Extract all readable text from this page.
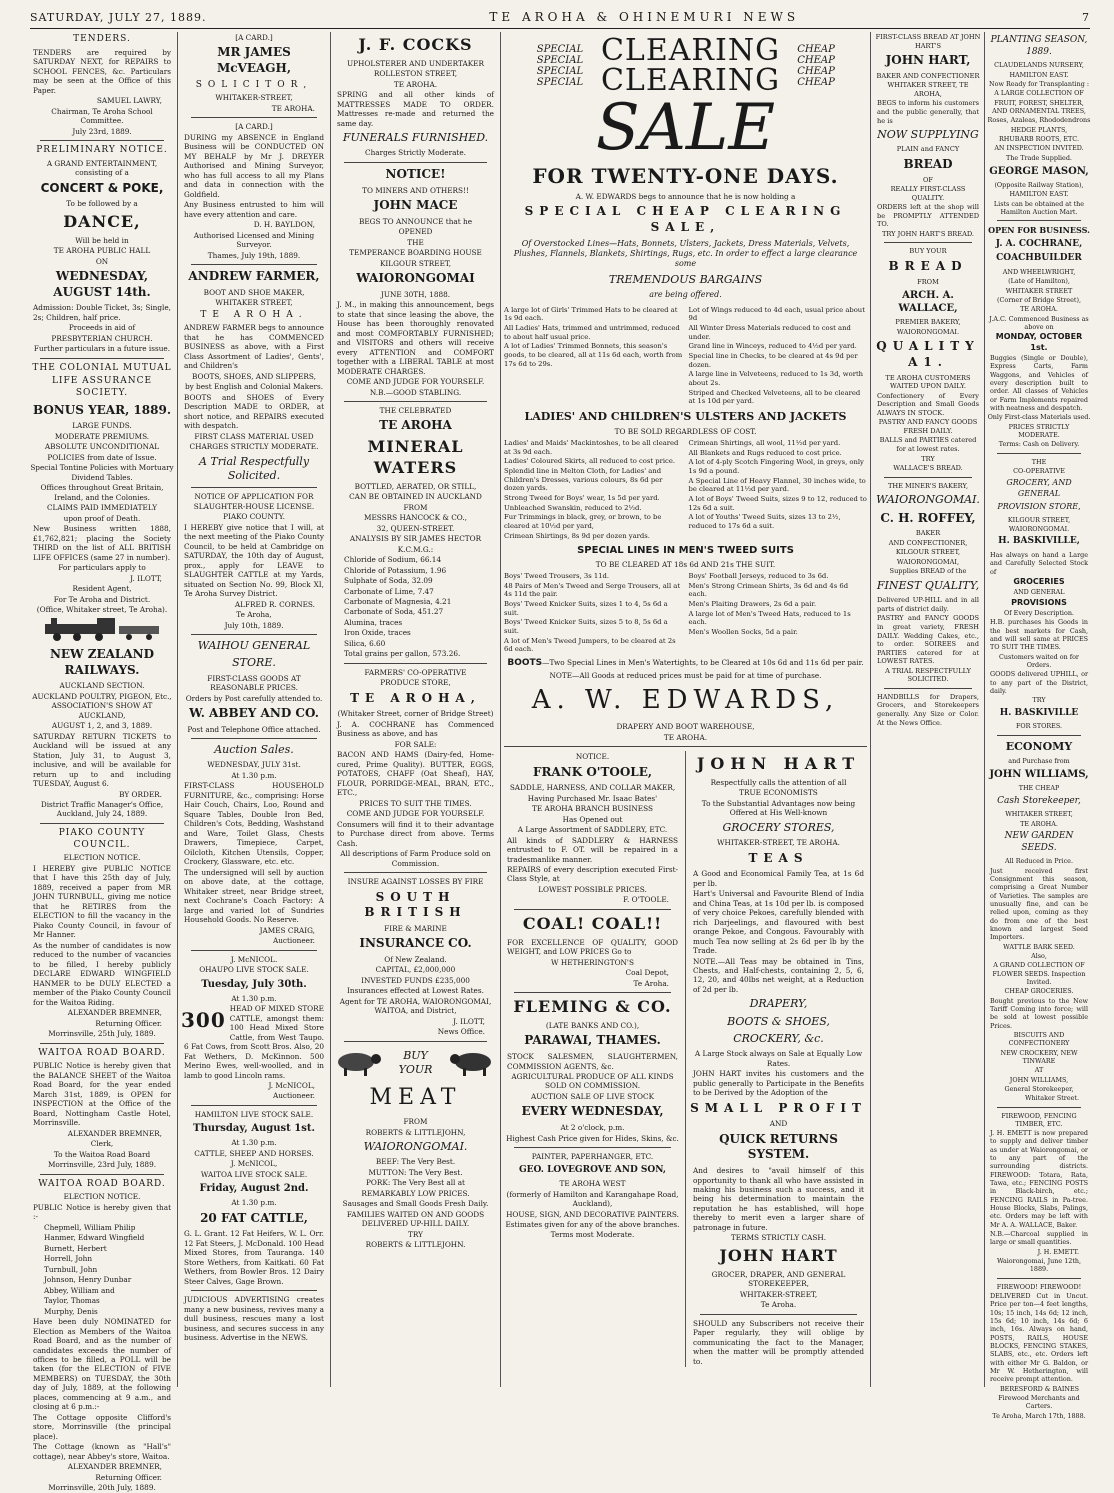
SATURDAY, JULY 27, 1889.	TE AROHA & OHINEMURI NEWS	7
TENDERS.

TENDERS are required by SATURDAY NEXT, for REPAIRS to SCHOOL FENCES, &c. Particulars may be seen at the Office of this Paper.

SAMUEL LAWRY,

Chairman, Te Aroha School Committee.

July 23rd, 1889.

PRELIMINARY NOTICE.

A GRAND ENTERTAINMENT, consisting of a

CONCERT & POKE,

To be followed by a

DANCE,

Will be held in

TE AROHA PUBLIC HALL

ON

WEDNESDAY, AUGUST 14th.

Admission: Double Ticket, 3s; Single, 2s; Children, half price.

Proceeds in aid of

PRESBYTERIAN CHURCH.

Further particulars in a future issue.

THE COLONIAL MUTUAL
LIFE ASSURANCE SOCIETY.
BONUS YEAR, 1889.

LARGE FUNDS.

MODERATE PREMIUMS.

ABSOLUTE UNCONDITIONAL

POLICIES from date of Issue.

Special Tontine Policies with Mortuary Dividend Tables.

Offices throughout Great Britain, Ireland, and the Colonies.

CLAIMS PAID IMMEDIATELY

upon proof of Death.

New Business written 1888, £1,762,821; placing the Society THIRD on the list of ALL BRITISH LIFE OFFICES (same 27 in number).

For particulars apply to

J. ILOTT,

Resident Agent,

For Te Aroha and District.

(Office, Whitaker street, Te Aroha).

NEW ZEALAND RAILWAYS.

AUCKLAND SECTION.

AUCKLAND POULTRY, PIGEON, Etc., ASSOCIATION'S SHOW AT AUCKLAND,

AUGUST 1, 2, and 3, 1889.

SATURDAY RETURN TICKETS to Auckland will be issued at any Station, July 31, to August 3, inclusive, and will be available for return up to and including TUESDAY, August 6.

BY ORDER.

District Traffic Manager's Office, Auckland, July 24, 1889.

PIAKO COUNTY COUNCIL.

ELECTION NOTICE.

I HEREBY give PUBLIC NOTICE that I have this 25th day of July, 1889, received a paper from MR JOHN TURNBULL, giving me notice that he RETIRES from the ELECTION to fill the vacancy in the Piako County Council, in favour of Mr Hanner.

As the number of candidates is now reduced to the number of vacancies to be filled, I hereby publicly DECLARE EDWARD WINGFIELD HANMER to be DULY ELECTED a member of the Piako County Council for the Waitoa Riding.

ALEXANDER BREMNER,

Returning Officer.

Morrinsville, 25th July, 1889.

WAITOA ROAD BOARD.

PUBLIC Notice is hereby given that the BALANCE SHEET of the Waitoa Road Board, for the year ended March 31st, 1889, is OPEN for INSPECTION at the Office of the Board, Nottingham Castle Hotel, Morrinsville.

ALEXANDER BREMNER,

Clerk,

To the Waitoa Road Board

Morrinsville, 23rd July, 1889.

WAITOA ROAD BOARD.

ELECTION NOTICE.

PUBLIC Notice is hereby given that :-

Chepmell, William Philip

Hanmer, Edward Wingfield

Burnett, Herbert

Horrell, John

Turnbull, John

Johnson, Henry Dunbar

Abbey, William and

Taylor, Thomas

Murphy, Denis

Have been duly NOMINATED for Election as Members of the Waitoa Road Board, and as the number of candidates exceeds the number of offices to be filled, a POLL will be taken (for the ELECTION of FIVE MEMBERS) on TUESDAY, the 30th day of July, 1889, at the following places, commencing at 9 a.m., and closing at 6 p.m.:-

The Cottage opposite Clifford's store, Morrinsville (the principal place).

The Cottage (known as "Hall's" cottage), near Abbey's store, Waitoa.

ALEXANDER BREMNER,

Returning Officer.

Morrinsville, 20th July, 1889.

[A CARD.]

MR JAMES McVEAGH,
SOLICITOR,

WHITAKER-STREET,

TE AROHA.

[A CARD.]

DURING my ABSENCE in England Business will be CONDUCTED ON MY BEHALF by Mr J. DREYER Authorised and Mining Surveyor, who has full access to all my Plans and data in connection with the Goldfield.

Any Business entrusted to him will have every attention and care.

D. H. BAYLDON,

Authorised Licensed and Mining Surveyor.

Thames, July 19th, 1889.

ANDREW FARMER,

BOOT AND SHOE MAKER,

WHITAKER STREET,

TE AROHA.

ANDREW FARMER begs to announce that he has COMMENCED BUSINESS as above, with a First Class Assortment of Ladies', Gents', and Children's

BOOTS, SHOES, AND SLIPPERS,

by best English and Colonial Makers.

BOOTS and SHOES of Every Description MADE to ORDER, at short notice, and REPAIRS executed with despatch.

FIRST CLASS MATERIAL USED

CHARGES STRICTLY MODERATE.

A Trial Respectfully Solicited.

NOTICE OF APPLICATION FOR SLAUGHTER-HOUSE LICENSE.

PIAKO COUNTY.

I HEREBY give notice that I will, at the next meeting of the Piako County Council, to be held at Cambridge on SATURDAY, the 10th day of August, prox., apply for LEAVE to SLAUGHTER CATTLE at my Yards, situated on Section No. 99, Block XI, Te Aroha Survey District.

ALFRED R. CORNES.

Te Aroha,

July 10th, 1889.

WAIHOU GENERAL
STORE.

FIRST-CLASS GOODS AT REASONABLE PRICES.

Orders by Post carefully attended to.

W. ABBEY AND CO.

Post and Telephone Office attached.

Auction Sales.

WEDNESDAY, JULY 31st.

At 1.30 p.m.

FIRST-CLASS HOUSEHOLD FURNITURE, &c., comprising: Horse Hair Couch, Chairs, Loo, Round and Square Tables, Double Iron Bed, Children's Cots, Bedding, Washstand and Ware, Toilet Glass, Chests Drawers, Timepiece, Carpet, Oilcloth, Kitchen Utensils, Copper, Crockery, Glassware, etc. etc.

The undersigned will sell by auction on above date, at the cottage, Whitaker street, near Bridge street, next Cochrane's Coach Factory: A large and varied lot of Sundries Household Goods. No Reserve.

JAMES CRAIG,

Auctioneer.

J. McNICOL.

OHAUPO LIVE STOCK SALE.

Tuesday, July 30th.

At 1.30 p.m.

300 HEAD OF MIXED STORE CATTLE, amongst them: 100 Head Mixed Store Cattle, from West Taupo. 6 Fat Cows, from Scott Bros. Also, 20 Fat Wethers, D. McKinnon. 500 Merino Ewes, well-woolled, and in lamb to good Lincoln rams.

J. McNICOL,

Auctioneer.

HAMILTON LIVE STOCK SALE.

Thursday, August 1st.

At 1.30 p.m.

CATTLE, SHEEP AND HORSES.

J. McNICOL,

WAITOA LIVE STOCK SALE.

Friday, August 2nd.

At 1.30 p.m.

20 FAT CATTLE,

G. L. Grant. 12 Fat Heifers, W. L. Orr. 12 Fat Steers, J. McDonald. 100 Head Mixed Stores, from Tauranga. 140 Store Wethers, from Kaitkati. 60 Fat Wethers, from Bowler Bros. 12 Dairy Steer Calves, Gage Brown.

JUDICIOUS ADVERTISING creates many a new business, revives many a dull business, rescues many a lost business, and secures success in any business. Advertise in the NEWS.

J. F. COCKS

UPHOLSTERER AND UNDERTAKER

ROLLESTON STREET,

TE AROHA.

SPRING and all other kinds of MATTRESSES MADE TO ORDER. Mattresses re-made and returned the same day.

FUNERALS FURNISHED.

Charges Strictly Moderate.

NOTICE!

TO MINERS AND OTHERS!!

JOHN MACE

BEGS TO ANNOUNCE that he

OPENED

THE

TEMPERANCE BOARDING HOUSE

KILGOUR STREET,

WAIORONGOMAI

JUNE 30TH, 1888.

J. M., in making this announcement, begs to state that since leasing the above, the House has been thoroughly renovated and most COMFORTABLY FURNISHED; and VISITORS and others will receive every ATTENTION and COMFORT together with a LIBERAL TABLE at most MODERATE CHARGES.

COME AND JUDGE FOR YOURSELF.

N.B.—GOOD STABLING.

THE CELEBRATED

TE AROHA
MINERAL WATERS

BOTTLED, AERATED, OR STILL,

CAN BE OBTAINED IN AUCKLAND

FROM

MESSRS HANCOCK & CO.,

32, QUEEN-STREET.

ANALYSIS BY SIR JAMES HECTOR

K.C.M.G.:

Chloride of Sodium, 66.14

Chloride of Potassium, 1.96

Sulphate of Soda, 32.09

Carbonate of Lime, 7.47

Carbonate of Magnesia, 4.21

Carbonate of Soda, 451.27

Alumina, traces

Iron Oxide, traces

Silica, 6.60

Total grains per gallon, 573.26.

FARMERS' CO-OPERATIVE

PRODUCE STORE,

TE AROHA,

(Whitaker Street, corner of Bridge Street)

J. A. COCHRANE has Commenced Business as above, and has

FOR SALE:

BACON AND HAMS (Dairy-fed, Home-cured, Prime Quality). BUTTER, EGGS, POTATOES, CHAFF (Oat Sheaf), HAY, FLOUR, PORRIDGE-MEAL, BRAN, ETC., ETC.,

PRICES TO SUIT THE TIMES.

COME AND JUDGE FOR YOURSELF.

Consumers will find it to their advantage to Purchase direct from above. Terms Cash.

All descriptions of Farm Produce sold on Commission.

INSURE AGAINST LOSSES BY FIRE

SOUTH BRITISH

FIRE & MARINE

INSURANCE CO.

Of New Zealand.

CAPITAL, £2,000,000

INVESTED FUNDS £235,000

Insurances effected at Lowest Rates.

Agent for TE AROHA, WAIORONGOMAI, WAITOA, and District,

J. ILOTT,

News Office.

BUY YOUR
MEAT

FROM

ROBERTS & LITTLEJOHN,

WAIORONGOMAI.

BEEF: The Very Best.

MUTTON: The Very Best.

PORK: The Very Best all at

REMARKABLY LOW PRICES.

Sausages and Small Goods Fresh Daily.

FAMILIES WAITED ON AND GOODS DELIVERED UP-HILL DAILY.

TRY

ROBERTS & LITTLEJOHN.

SPECIAL SPECIAL SPECIAL SPECIAL
CLEARING
CLEARING
CHEAP CHEAP CHEAP CHEAP
SALE
FOR TWENTY-ONE DAYS.

A. W. EDWARDS begs to announce that he is now holding a

SPECIAL CHEAP CLEARING SALE,

Of Overstocked Lines—Hats, Bonnets, Ulsters, Jackets, Dress Materials, Velvets, Plushes, Flannels, Blankets, Shirtings, Rugs, etc. In order to effect a large clearance some

TREMENDOUS BARGAINS

are being offered.

A large lot of Girls' Trimmed Hats to be cleared at 1s 9d each.

All Ladies' Hats, trimmed and untrimmed, reduced to about half usual price.

A lot of Ladies' Trimmed Bonnets, this season's goods, to be cleared, all at 11s 6d each, worth from 17s 6d to 29s.

Lot of Wings reduced to 4d each, usual price about 9d

All Winter Dress Materials reduced to cost and under.

Grand line in Winceys, reduced to 4½d per yard.

Special line in Checks, to be cleared at 4s 9d per dozen.

A large line in Velveteens, reduced to 1s 3d, worth about 2s.

Striped and Checked Velveteens, all to be cleared at 1s 10d per yard.

LADIES' AND CHILDREN'S ULSTERS AND JACKETS

TO BE SOLD REGARDLESS OF COST.

Ladies' and Maids' Mackintoshes, to be all cleared at 3s 9d each.

Ladies' Coloured Skirts, all reduced to cost price.

Splendid line in Melton Cloth, for Ladies' and Children's Dresses, various colours, 8s 6d per dozen yards.

Strong Tweed for Boys' wear, 1s 5d per yard.

Unbleached Swanskin, reduced to 2½d.

Fur Trimmings in black, grey, or brown, to be cleared at 10½d per yard,

Crimean Shirtings, 8s 9d per dozen yards.

Crimean Shirtings, all wool, 11½d per yard.

All Blankets and Rugs reduced to cost price.

A lot of 4-ply Scotch Fingering Wool, in greys, only 1s 9d a pound.

A Special Line of Heavy Flannel, 30 inches wide, to be cleared at 11½d per yard.

A lot of Boys' Tweed Suits, sizes 9 to 12, reduced to 12s 6d a suit.

A lot of Youths' Tweed Suits, sizes 13 to 2½, reduced to 17s 6d a suit.

SPECIAL LINES IN MEN'S TWEED SUITS

TO BE CLEARED AT 18s 6d AND 21s THE SUIT.

Boys' Tweed Trousers, 3s 11d.

48 Pairs of Men's Tweed and Serge Trousers, all at 4s 11d the pair.

Boys' Tweed Knicker Suits, sizes 1 to 4, 5s 6d a suit.

Boys' Tweed Knicker Suits, sizes 5 to 8, 5s 6d a suit.

A lot of Men's Tweed Jumpers, to be cleared at 2s 6d each.

Boys' Football Jerseys, reduced to 3s 6d.

Men's Strong Crimean Shirts, 3s 6d and 4s 6d each.

Men's Plaiting Drawers, 2s 6d a pair.

A large lot of Men's Tweed Hats, reduced to 1s each.

Men's Woollen Socks, 5d a pair.

BOOTS—Two Special Lines in Men's Watertights, to be Cleared at 10s 6d and 11s 6d per pair.

NOTE—All Goods at reduced prices must be paid for at time of purchase.

A. W. EDWARDS,

DRAPERY AND BOOT WAREHOUSE,

TE AROHA.

NOTICE.

FRANK O'TOOLE,

SADDLE, HARNESS, AND COLLAR MAKER,

Having Purchased Mr. Isaac Bates'

TE AROHA BRANCH BUSINESS

Has Opened out

A Large Assortment of SADDLERY, ETC.

All kinds of SADDLERY & HARNESS entrusted to F. OT. will be repaired in a tradesmanlike manner.

REPAIRS of every description executed First-Class Style, at

LOWEST POSSIBLE PRICES.

F. O'TOOLE.

COAL! COAL!!

FOR EXCELLENCE OF QUALITY, GOOD WEIGHT, and LOW PRICES Go to

W HETHERINGTON'S

Coal Depot,

Te Aroha.

FLEMING & CO.

(LATE BANKS AND CO.),

PARAWAI, THAMES.

STOCK SALESMEN, SLAUGHTERMEN, COMMISSION AGENTS, &c.

AGRICULTURAL PRODUCE OF ALL KINDS SOLD ON COMMISSION.

AUCTION SALE OF LIVE STOCK

EVERY WEDNESDAY,

At 2 o'clock, p.m.

Highest Cash Price given for Hides, Skins, &c.

PAINTER, PAPERHANGER, ETC.

GEO. LOVEGROVE AND SON,

TE AROHA WEST

(formerly of Hamilton and Karangahape Road, Auckland),

HOUSE, SIGN, AND DECORATIVE PAINTERS.

Estimates given for any of the above branches. Terms most Moderate.

JOHN HART

Respectfully calls the attention of all

TRUE ECONOMISTS

To the Substantial Advantages now being Offered at His Well-known

GROCERY STORES,

WHITAKER-STREET, TE AROHA.

TEAS

A Good and Economical Family Tea, at 1s 6d per lb.

Hart's Universal and Favourite Blend of India and China Teas, at 1s 10d per lb. is composed of very choice Pekoes, carefully blended with rich Darjeelings, and flavoured with best orange Pekoe, and Congous. Favourably with much Tea now selling at 2s 6d per lb by the Trade.

NOTE.—All Teas may be obtained in Tins, Chests, and Half-chests, containing 2, 5, 6, 12, 20, and 40lbs net weight, at a Reduction of 2d per lb.

DRAPERY,
BOOTS & SHOES,
CROCKERY, &c.

A Large Stock always on Sale at Equally Low Rates.

JOHN HART invites his customers and the public generally to Participate in the Benefits to be Derived by the Adoption of the

SMALL PROFIT

AND

QUICK RETURNS SYSTEM.

And desires to "avail himself of this opportunity to thank all who have assisted in making his business such a success, and it being his determination to maintain the reputation he has established, will hope thereby to merit even a larger share of patronage in future.

TERMS STRICTLY CASH.

JOHN HART

GROCER, DRAPER, AND GENERAL STOREKEEPER,

WHITAKER-STREET,

Te Aroha.

SHOULD any Subscribers not receive their Paper regularly, they will oblige by communicating the fact to the Manager, when the matter will be promptly attended to.

FIRST-CLASS BREAD AT JOHN HART'S

JOHN HART,

BAKER AND CONFECTIONER

WHITAKER STREET, TE AROHA,

BEGS to inform his customers and the public generally, that he is

NOW SUPPLYING

PLAIN and FANCY

BREAD

OF

REALLY FIRST-CLASS QUALITY.

ORDERS left at the shop will be PROMPTLY ATTENDED TO.

TRY JOHN HART'S BREAD.

BUY YOUR

BREAD

FROM

ARCH. A. WALLACE,

PREMIER BAKERY,

WAIORONGOMAI.

QUALITY A1.

TE AROHA CUSTOMERS WAITED UPON DAILY.

Confectionery of Every Description and Small Goods ALWAYS IN STOCK.

PASTRY AND FANCY GOODS FRESH DAILY.

BALLS and PARTIES catered for at lowest rates.

TRY

WALLACE'S BREAD.

THE MINER'S BAKERY,

WAIORONGOMAI.
C. H. ROFFEY,

BAKER

AND CONFECTIONER,

KILGOUR STREET,

WAIORONGOMAI,

Supplies BREAD of the

FINEST QUALITY,

Delivered UP-HILL and in all parts of district daily.

PASTRY and FANCY GOODS in great variety, FRESH DAILY. Wedding Cakes, etc., to order. SOIREES and PARTIES catered for at LOWEST RATES.

A TRIAL RESPECTFULLY SOLICITED.

HANDBILLS for Drapers, Grocers, and Storekeepers generally. Any Size or Color. At the News Office.

PLANTING SEASON, 1889.

CLAUDELANDS NURSERY,

HAMILTON EAST.

Now Ready for Transplanting :

A LARGE COLLECTION OF

FRUIT, FOREST, SHELTER, AND ORNAMENTAL TREES,

Roses, Azaleas, Rhododendrons

HEDGE PLANTS,

RHUBARB ROOTS, ETC.

AN INSPECTION INVITED.

The Trade Supplied.

GEORGE MASON,

(Opposite Railway Station),

HAMILTON EAST.

Lists can be obtained at the Hamilton Auction Mart.

OPEN FOR BUSINESS.
J. A. COCHRANE,
COACHBUILDER

AND WHEELWRIGHT,

(Late of Hamilton),

WHITAKER STREET

(Corner of Bridge Street),

TE AROHA.

J.A.C. Commenced Business as above on

MONDAY, OCTOBER 1st.

Buggies (Single or Double), Express Carts, Farm Waggons, and Vehicles of every description built to order. All classes of Vehicles or Farm Implements repaired with neatness and despatch.

Only First-class Materials used.

PRICES STRICTLY MODERATE.

Terms: Cash on Delivery.

THE

CO-OPERATIVE

GROCERY, AND GENERAL
PROVISION STORE,

KILGOUR STREET,

WAIORONGOMAI.

H. BASKIVILLE,

Has always on hand a Large and Carefully Selected Stock of

GROCERIES

AND GENERAL

PROVISIONS

Of Every Description.

H.B. purchases his Goods in the best markets for Cash, and will sell same at PRICES TO SUIT THE TIMES.

Customers waited on for Orders.

GOODS delivered UPHILL, or to any part of the District, daily.

TRY

H. BASKIVILLE

FOR STORES.

ECONOMY

and Purchase from

JOHN WILLIAMS,

THE CHEAP

Cash Storekeeper,

WHITAKER STREET,

TE AROHA.

NEW GARDEN SEEDS.

All Reduced in Price.

Just received first Consignment this season, comprising a Great Number of Varieties. The samples are unusually fine, and can be relied upon, coming as they do from one of the best known and largest Seed Importers.

WATTLE BARK SEED.

Also,

A GRAND COLLECTION OF FLOWER SEEDS. Inspection Invited.

CHEAP GROCERIES.

Bought previous to the New Tariff Coming into force; will be sold at lowest possible Prices.

BISCUITS AND CONFECTIONERY

NEW CROCKERY, NEW TINWARE

AT

JOHN WILLIAMS,

General Storekeeper,

Whitaker Street.

FIREWOOD, FENCING TIMBER, ETC.

J. H. EMETT is now prepared to supply and deliver timber as under at Waiorongomai, or to any part of the surrounding districts. FIREWOOD: Totara, Rata, Tawa, etc.; FENCING POSTS in Black-birch, etc.; FENCING RAILS in Pa-tree. House Blocks, Slabs, Palings, etc. Orders may be left with Mr A. A. WALLACE, Baker.

N.B.—Charcoal supplied in large or small quantities.

J. H. EMETT.

Waiorongomai, June 12th, 1889.

FIREWOOD! FIREWOOD!

DELIVERED Cut in Uncut. Price per ton—4 feet lengths, 10s; 15 inch, 14s 6d; 12 inch, 15s 6d; 10 inch, 14s 6d; 6 inch, 16s. Always on hand, POSTS, RAILS, HOUSE BLOCKS, FENCING STAKES, SLABS, etc., etc. Orders left with either Mr G. Baldon, or Mr W. Hetherington, will receive prompt attention.

BERESFORD & BAINES

Firewood Merchants and Carters.

Te Aroha, March 17th, 1888.
